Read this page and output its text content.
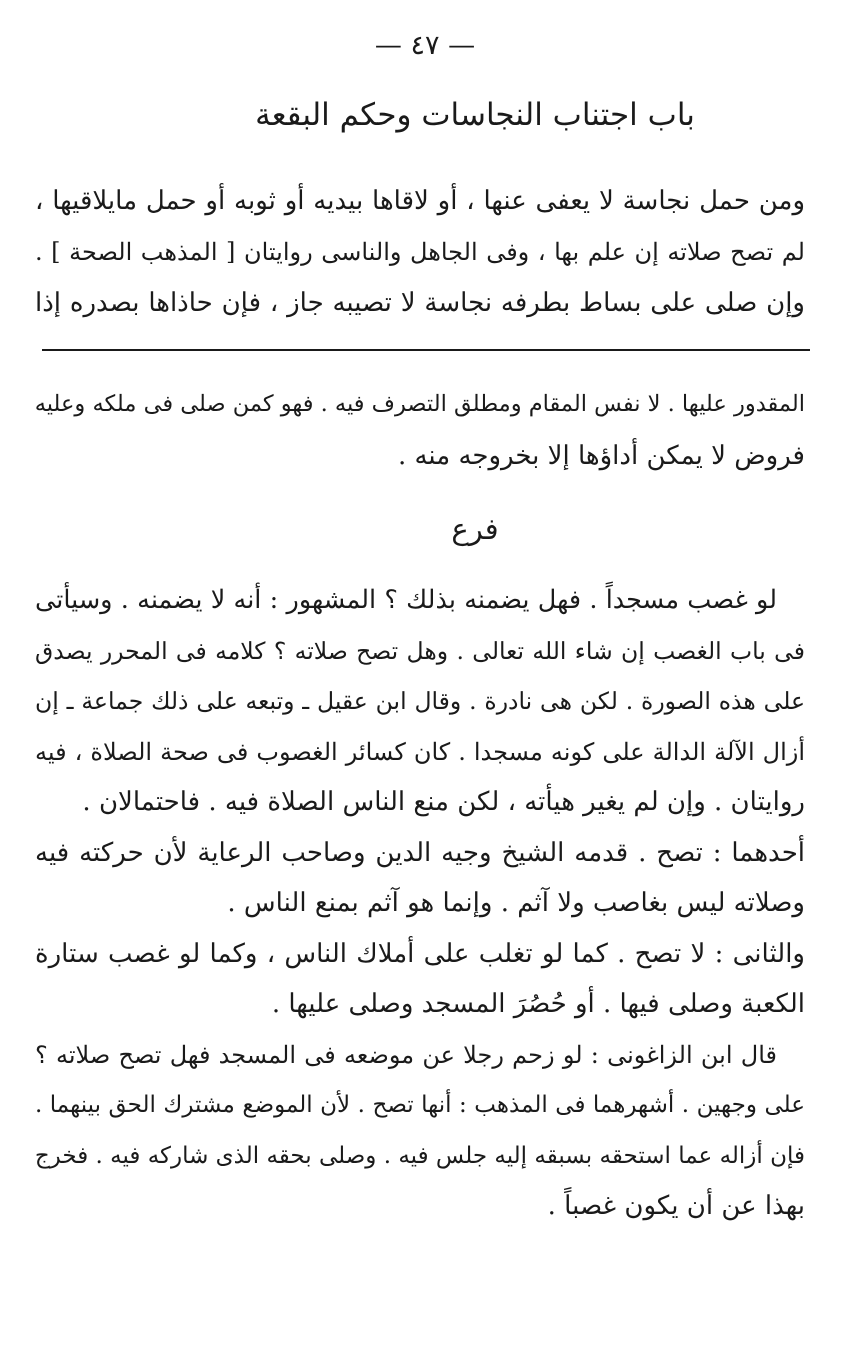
— ٤٧ —
باب اجتناب النجاسات وحكم البقعة
ومن حمل نجاسة لا يعفى عنها ، أو لاقاها بيديه أو ثوبه أو حمل مايلاقيها ،
لم تصح صلاته إن علم بها ، وفى الجاهل والناسى روايتان [ المذهب الصحة ] .
وإن صلى على بساط بطرفه نجاسة لا تصيبه جاز ، فإن حاذاها بصدره إذا
المقدور عليها . لا نفس المقام ومطلق التصرف فيه . فهو كمن صلى فى ملكه وعليه
فروض لا يمكن أداؤها إلا بخروجه منه .
فرع
لو غصب مسجداً . فهل يضمنه بذلك ؟ المشهور : أنه لا يضمنه . وسيأتى
فى باب الغصب إن شاء الله تعالى . وهل تصح صلاته ؟ كلامه فى المحرر يصدق
على هذه الصورة . لكن هى نادرة . وقال ابن عقيل ـ وتبعه على ذلك جماعة ـ إن
أزال الآلة الدالة على كونه مسجدا . كان كسائر الغصوب فى صحة الصلاة ، فيه
روايتان . وإن لم يغير هيأته ، لكن منع الناس الصلاة فيه . فاحتمالان .
أحدهما : تصح . قدمه الشيخ وجيه الدين وصاحب الرعاية لأن حركته فيه
وصلاته ليس بغاصب ولا آثم . وإنما هو آثم بمنع الناس .
والثانى : لا تصح . كما لو تغلب على أملاك الناس ، وكما لو غصب ستارة
الكعبة وصلى فيها . أو حُصُرَ المسجد وصلى عليها .
قال ابن الزاغونى : لو زحم رجلا عن موضعه فى المسجد فهل تصح صلاته ؟
على وجهين . أشهرهما فى المذهب : أنها تصح . لأن الموضع مشترك الحق بينهما .
فإن أزاله عما استحقه بسبقه إليه جلس فيه . وصلى بحقه الذى شاركه فيه . فخرج
بهذا عن أن يكون غصباً .
